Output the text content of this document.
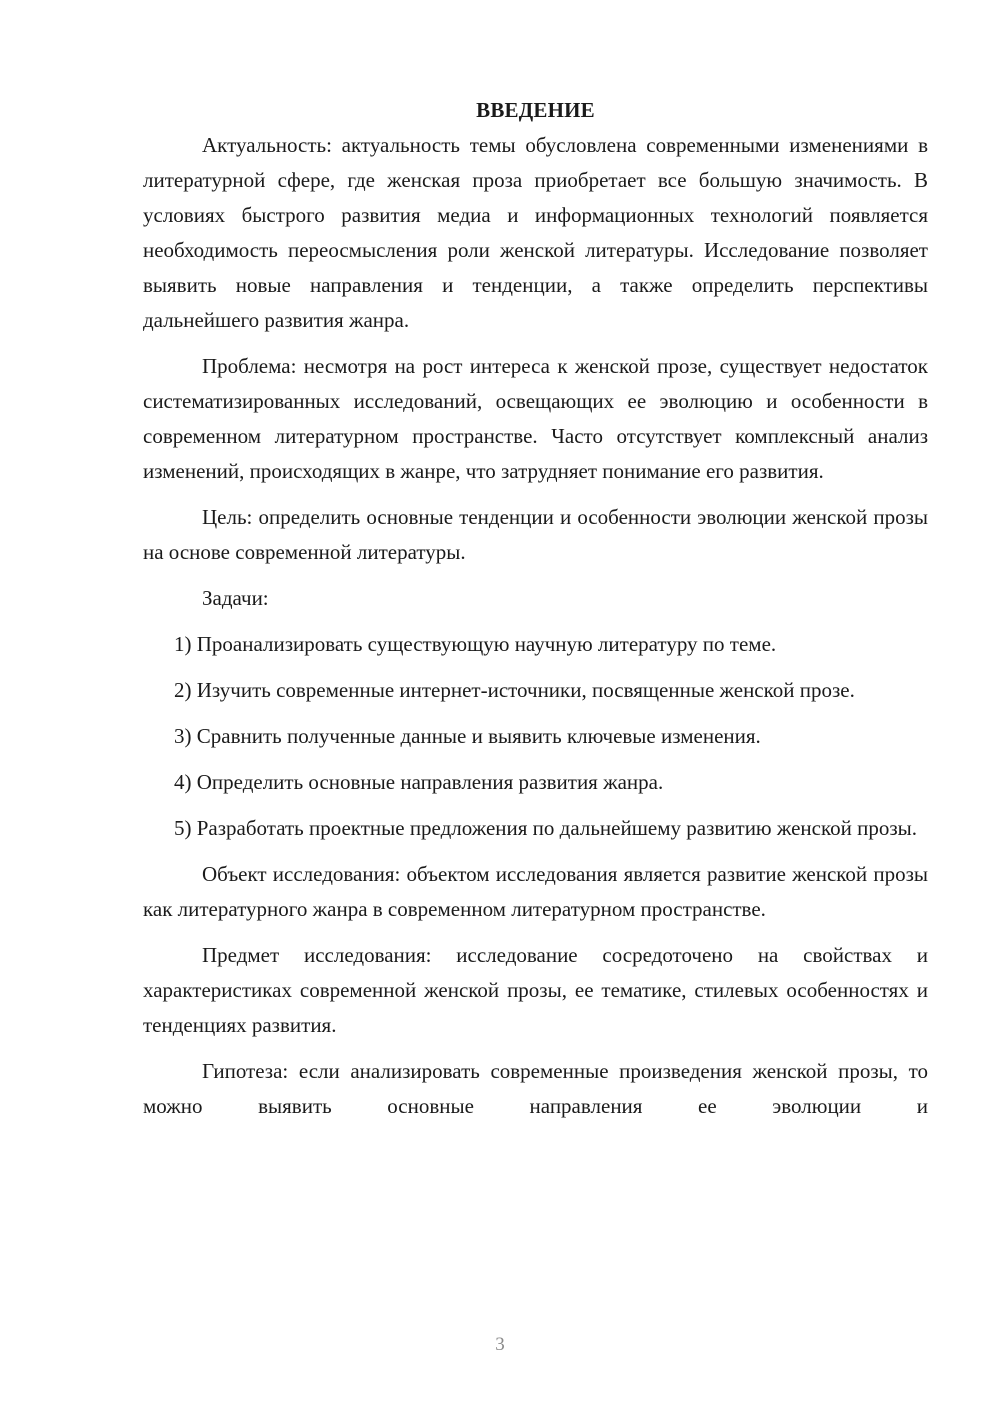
ВВЕДЕНИЕ

Актуальность: актуальность темы обусловлена современными изменениями в литературной сфере, где женская проза приобретает все большую значимость. В условиях быстрого развития медиа и информационных технологий появляется необходимость переосмысления роли женской литературы. Исследование позволяет выявить новые направления и тенденции, а также определить перспективы дальнейшего развития жанра.

Проблема: несмотря на рост интереса к женской прозе, существует недостаток систематизированных исследований, освещающих ее эволюцию и особенности в современном литературном пространстве. Часто отсутствует комплексный анализ изменений, происходящих в жанре, что затрудняет понимание его развития.

Цель: определить основные тенденции и особенности эволюции женской прозы на основе современной литературы.

Задачи:

1) Проанализировать существующую научную литературу по теме.

2) Изучить современные интернет-источники, посвященные женской прозе.

3) Сравнить полученные данные и выявить ключевые изменения.

4) Определить основные направления развития жанра.

5) Разработать проектные предложения по дальнейшему развитию женской прозы.

Объект исследования: объектом исследования является развитие женской прозы как литературного жанра в современном литературном пространстве.

Предмет исследования: исследование сосредоточено на свойствах и характеристиках современной женской прозы, ее тематике, стилевых особенностях и тенденциях развития.

Гипотеза: если анализировать современные произведения женской прозы, то можно выявить основные направления ее эволюции и

3
